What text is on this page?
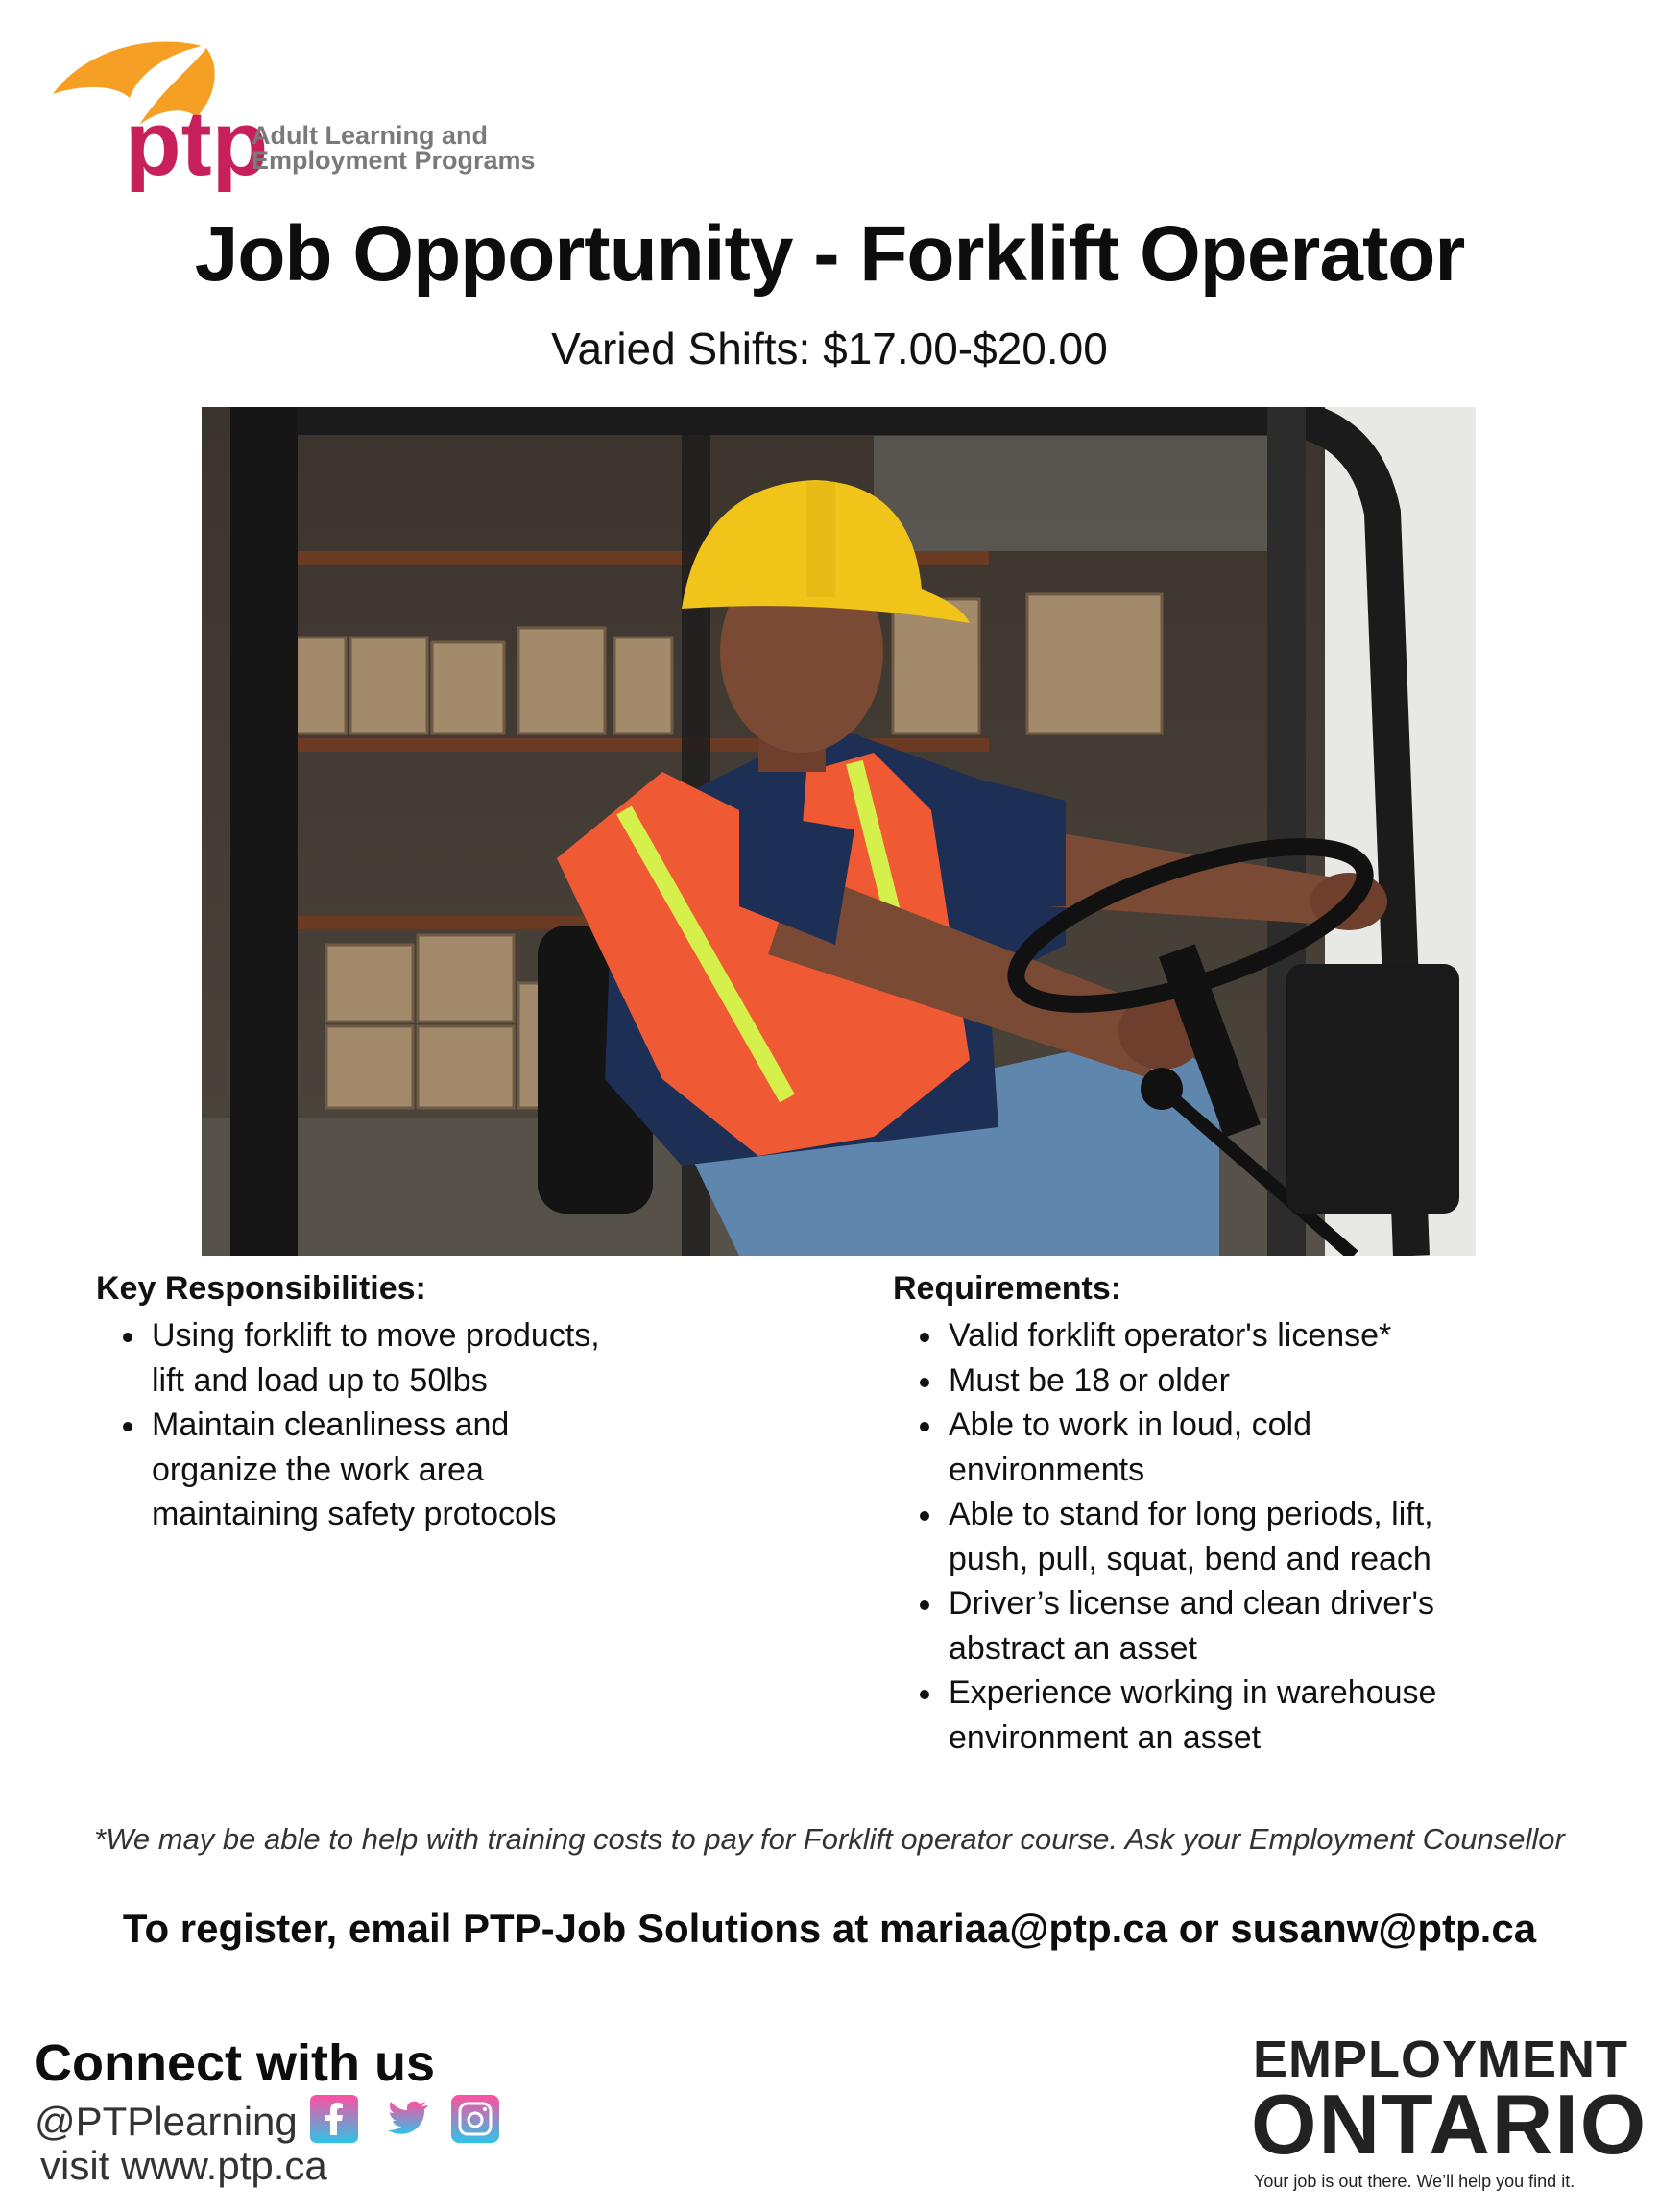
ptp
Adult Learning and
Employment Programs
Job Opportunity - Forklift Operator
Varied Shifts: $17.00-$20.00
Key Responsibilities:
Using forklift to move products,
lift and load up to 50lbs
Maintain cleanliness and
organize the work area
maintaining safety protocols
Requirements:
Valid forklift operator's license*
Must be 18 or older
Able to work in loud, cold
environments
Able to stand for long periods, lift,
push, pull, squat, bend and reach
Driver’s license and clean driver's
abstract an asset
Experience working in warehouse
environment an asset
*We may be able to help with training costs to pay for Forklift operator course. Ask your Employment Counsellor
To register, email PTP-Job Solutions at mariaa@ptp.ca or susanw@ptp.ca
Connect with us
@PTPlearning
visit www.ptp.ca
EMPLOYMENT
ONTARIO
Your job is out there. We’ll help you find it.
